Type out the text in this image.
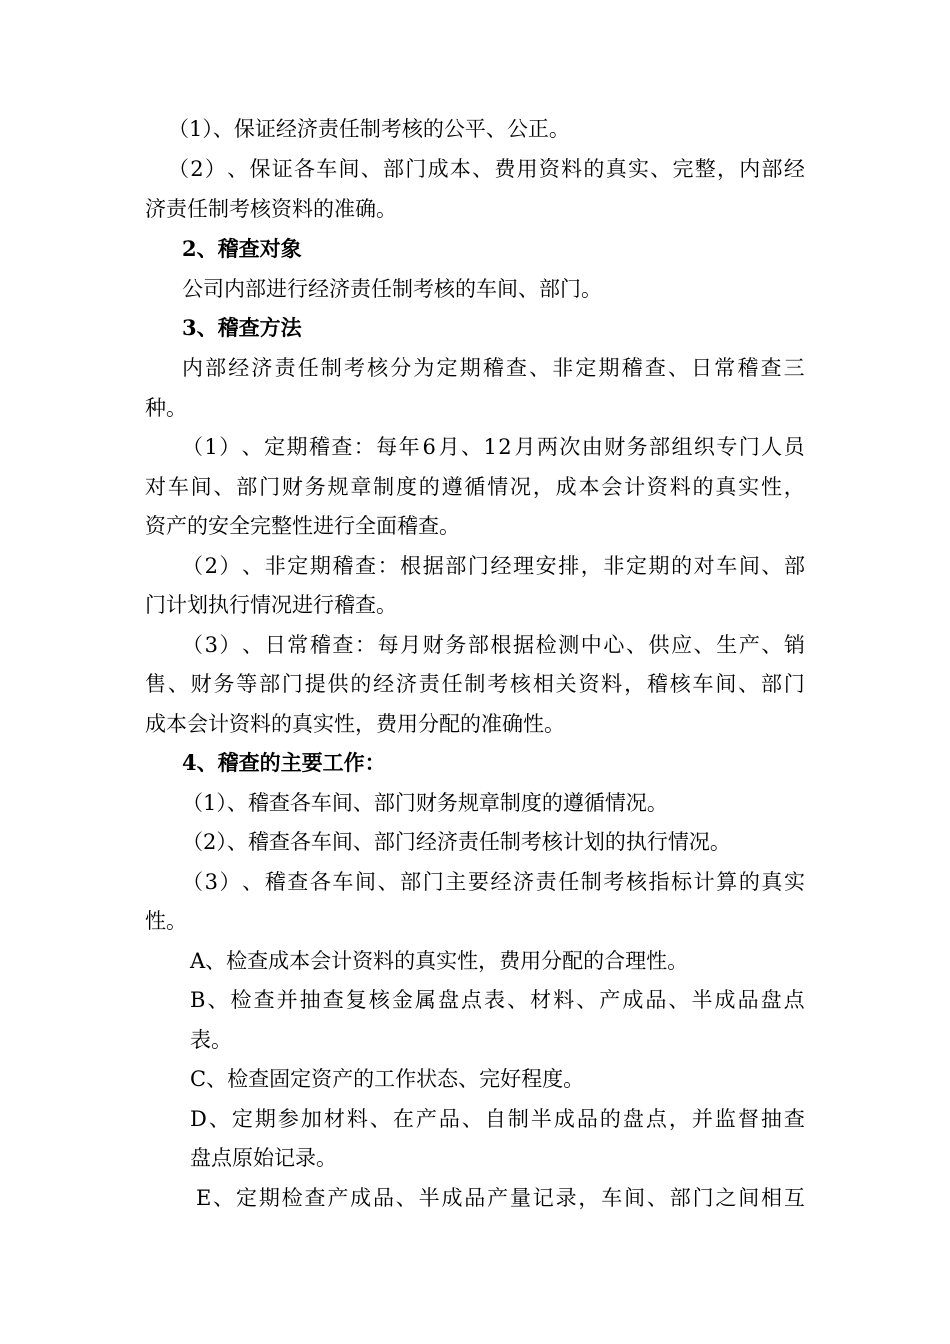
（1）、保证经济责任制考核的公平、公正。
（ 2 ） 、 保 证 各 车 间 、 部 门 成 本 、 费 用 资 料 的 真 实 、 完 整 ， 内 部 经
济责任制考核资料的准确。
2、稽查对象
公司内部进行经济责任制考核的车间、部门。
3、稽查方法
内 部 经 济 责 任 制 考 核 分 为 定 期 稽 查 、 非 定 期 稽 查 、 日 常 稽 查 三
种。
（ 1 ） 、 定 期 稽 查 ： 每 年 6 月 、 1 2 月 两 次 由 财 务 部 组 织 专 门 人 员
对 车 间 、 部 门 财 务 规 章 制 度 的 遵 循 情 况 ， 成 本 会 计 资 料 的 真 实 性 ，
资产的安全完整性进行全面稽查。
（ 2 ） 、 非 定 期 稽 查 ： 根 据 部 门 经 理 安 排 ， 非 定 期 的 对 车 间 、 部
门计划执行情况进行稽查。
（ 3 ） 、 日 常 稽 查 ： 每 月 财 务 部 根 据 检 测 中 心 、 供 应 、 生 产 、 销
售 、 财 务 等 部 门 提 供 的 经 济 责 任 制 考 核 相 关 资 料 ， 稽 核 车 间 、 部 门
成本会计资料的真实性，费用分配的准确性。
4、稽查的主要工作：
（1）、稽查各车间、部门财务规章制度的遵循情况。
（2）、稽查各车间、部门经济责任制考核计划的执行情况。
（ 3 ） 、 稽 查 各 车 间 、 部 门 主 要 经 济 责 任 制 考 核 指 标 计 算 的 真 实
性。
A、检查成本会计资料的真实性，费用分配的合理性。
B 、 检 查 并 抽 查 复 核 金 属 盘 点 表 、 材 料 、 产 成 品 、 半 成 品 盘 点
表。
C、检查固定资产的工作状态、完好程度。
D 、 定 期 参 加 材 料 、 在 产 品 、 自 制 半 成 品 的 盘 点 ， 并 监 督 抽 查
盘点原始记录。
E 、 定 期 检 查 产 成 品 、 半 成 品 产 量 记 录 ， 车 间 、 部 门 之 间 相 互
